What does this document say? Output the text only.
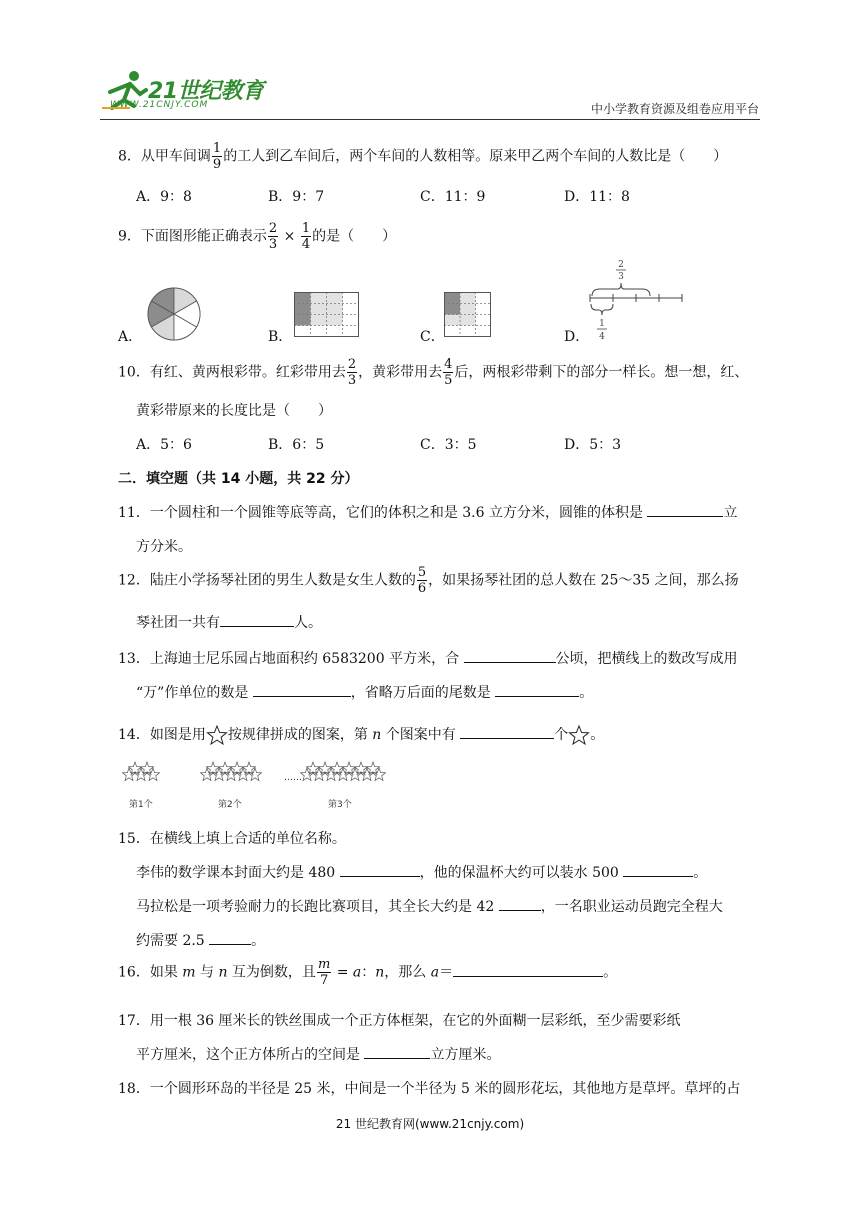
21世纪教育
WWW.21CNJY.COM	中小学教育资源及组卷应用平台
8．从甲车间调 $\frac{1}{9}$ 的工人到乙车间后，两个车间的人数相等。原来甲乙两个车间的人数比是（　　）
A．9：8	B．9：7	C．11：9	D．11：8
9．下面图形能正确表示 $\frac{2}{3} \times \frac{1}{4}$ 的是（　　）
A．	B．	C．	D．
2
3
1
4
10．有红、黄两根彩带。红彩带用去 $\frac{2}{3}$ ，黄彩带用去 $\frac{4}{5}$ 后，两根彩带剩下的部分一样长。想一想，红、
黄彩带原来的长度比是（　　）
A．5：6	B．6：5	C．3：5	D．5：3
二．填空题（共 14 小题，共 22 分）
11．一个圆柱和一个圆锥等底等高，它们的体积之和是 3.6 立方分米，圆锥的体积是	立
方分米。
12．陆庄小学扬琴社团的男生人数是女生人数的 $\frac{5}{6}$ ，如果扬琴社团的总人数在 25～35 之间，那么扬
琴社团一共有	人。
13．上海迪士尼乐园占地面积约 6583200 平方米，合	公顷，把横线上的数改写成用
“万”作单位的数是	，省略万后面的尾数是	。
14．如图是用 按规律拼成的图案，第 n 个图案中有	个 。
……
第1个	第2个	第3个
15．在横线上填上合适的单位名称。
李伟的数学课本封面大约是 480	，他的保温杯大约可以装水 500	。
马拉松是一项考验耐力的长跑比赛项目，其全长大约是 42	，一名职业运动员跑完全程大
约需要 2.5	。
16．如果 m 与 n 互为倒数，且 $\frac{m}{7} = a$：n，那么 a＝	。
17．用一根 36 厘米长的铁丝围成一个正方体框架，在它的外面糊一层彩纸，至少需要彩纸
平方厘米，这个正方体所占的空间是	立方厘米。
18．一个圆形环岛的半径是 25 米，中间是一个半径为 5 米的圆形花坛，其他地方是草坪。草坪的占
21 世纪教育网(www.21cnjy.com)
